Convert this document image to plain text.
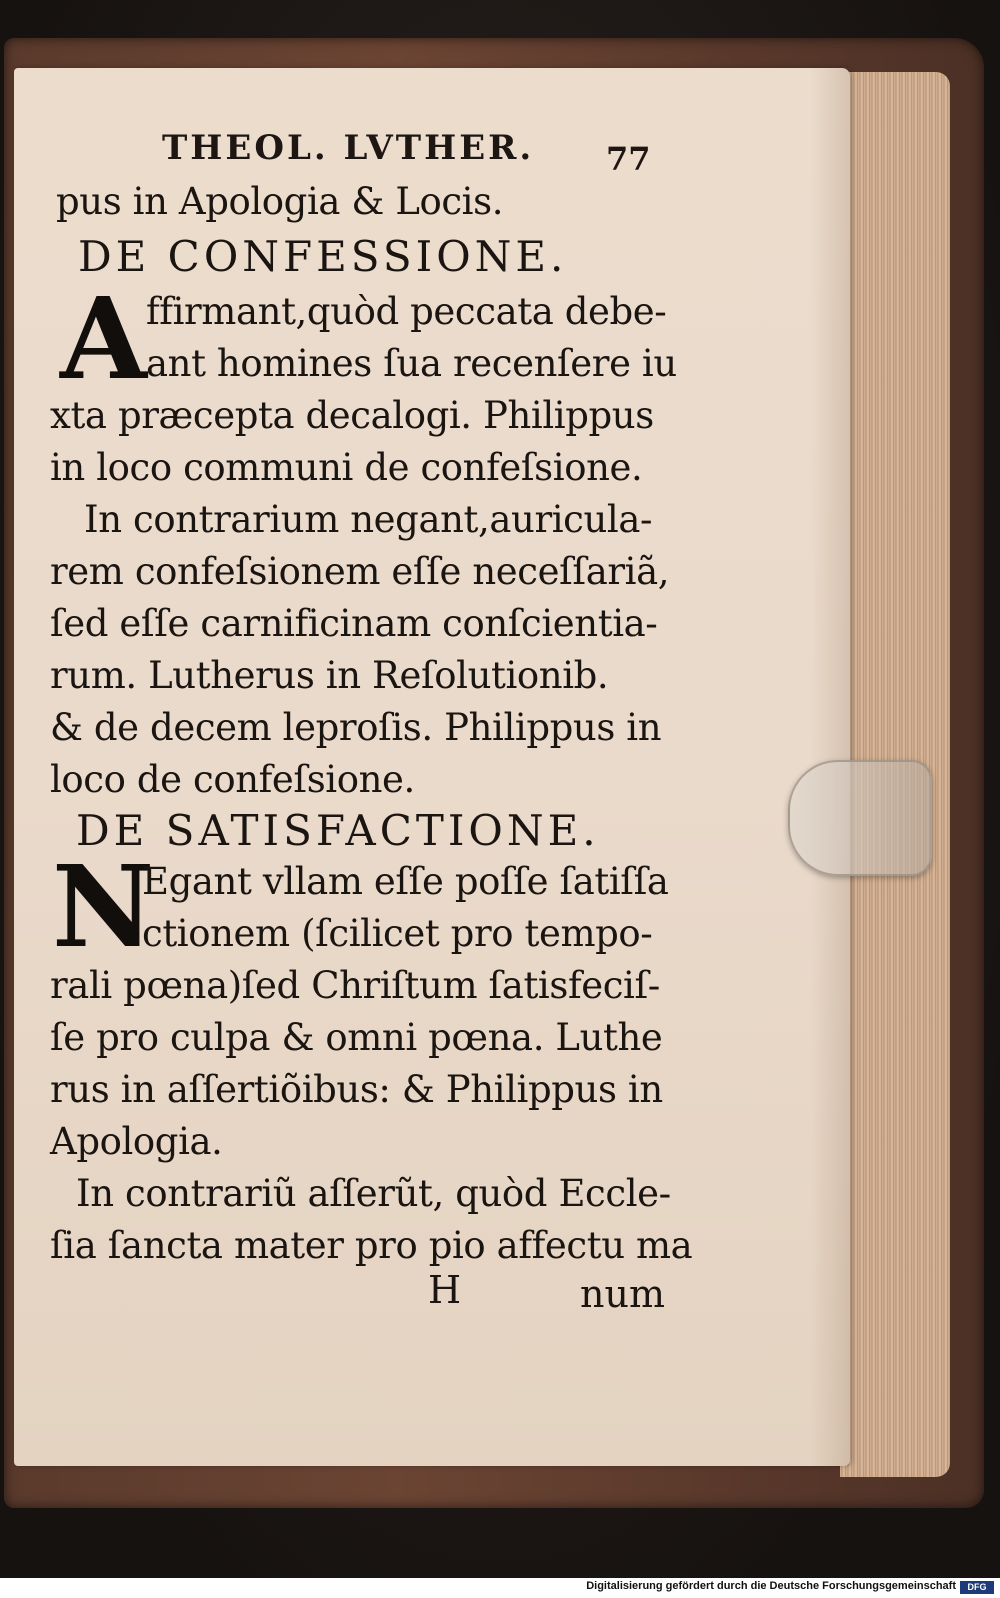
THEOL. LVTHER. 77
pus in Apologia & Locis.
DE CONFESSIONE.
A ffirmant,quòd peccata debe-
ant homines ſua recenſere iu
xta præcepta decalogi. Philippus
in loco communi de confeſsione.
In contrarium negant,auricula-
rem confeſsionem eſſe neceſſariã,
ſed eſſe carnificinam conſcientia-
rum. Lutherus in Reſolutionib.
& de decem leproſis. Philippus in
loco de confeſsione.
DE SATISFACTIONE.
N
Egant vllam eſſe poſſe ſatiſſa
ctionem (ſcilicet pro tempo-
rali pœna)ſed Chriſtum ſatisfeciſ-
ſe pro culpa & omni pœna. Luthe
rus in aſſertiõibus: & Philippus in
Apologia.
In contrariũ aſſerũt, quòd Eccle-
ſia ſancta mater pro pio affectu ma
H	num
Digitalisierung gefördert durch die Deutsche Forschungsgemeinschaft	DFG
